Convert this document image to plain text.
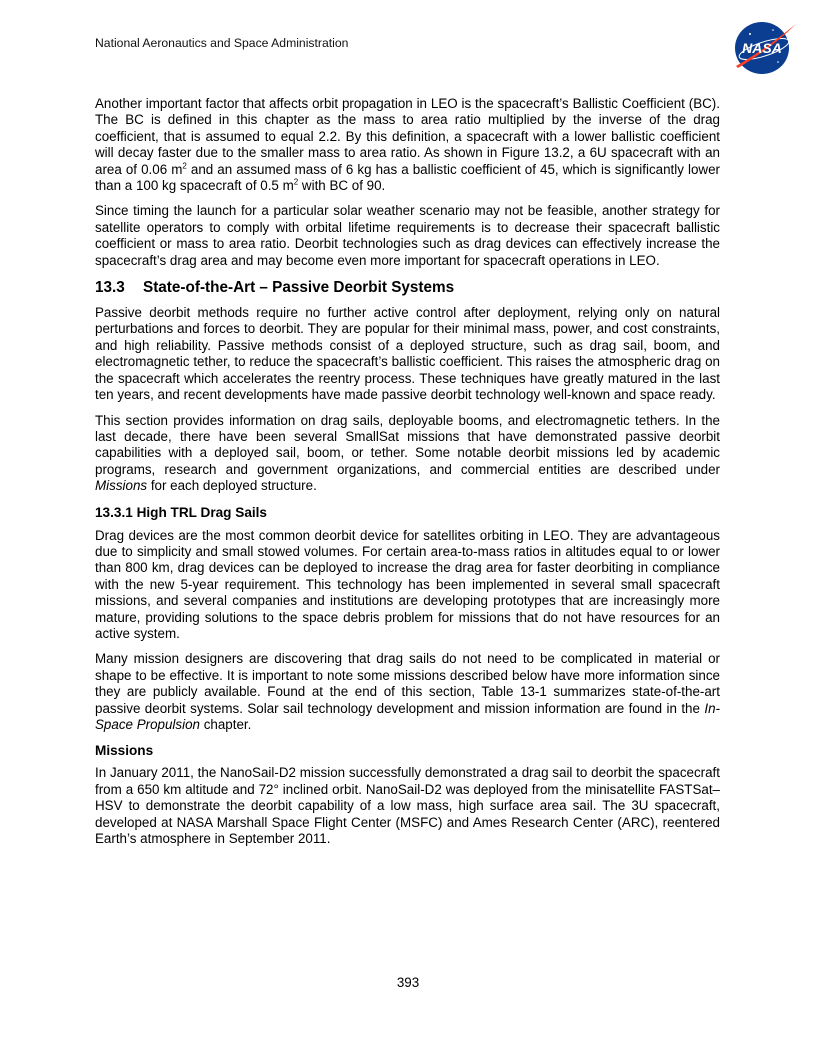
National Aeronautics and Space Administration	NASA

Another important factor that affects orbit propagation in LEO is the spacecraft’s Ballistic Coefficient (BC). The BC is defined in this chapter as the mass to area ratio multiplied by the inverse of the drag coefficient, that is assumed to equal 2.2. By this definition, a spacecraft with a lower ballistic coefficient will decay faster due to the smaller mass to area ratio. As shown in Figure 13.2, a 6U spacecraft with an area of 0.06 $m^2$ and an assumed mass of 6 kg has a ballistic coefficient of 45, which is significantly lower than a 100 kg spacecraft of 0.5 $m^2$ with BC of 90.

Since timing the launch for a particular solar weather scenario may not be feasible, another strategy for satellite operators to comply with orbital lifetime requirements is to decrease their spacecraft ballistic coefficient or mass to area ratio. Deorbit technologies such as drag devices can effectively increase the spacecraft’s drag area and may become even more important for spacecraft operations in LEO.

13.3 State-of-the-Art – Passive Deorbit Systems

Passive deorbit methods require no further active control after deployment, relying only on natural perturbations and forces to deorbit. They are popular for their minimal mass, power, and cost constraints, and high reliability. Passive methods consist of a deployed structure, such as drag sail, boom, and electromagnetic tether, to reduce the spacecraft’s ballistic coefficient. This raises the atmospheric drag on the spacecraft which accelerates the reentry process. These techniques have greatly matured in the last ten years, and recent developments have made passive deorbit technology well-known and space ready.

This section provides information on drag sails, deployable booms, and electromagnetic tethers. In the last decade, there have been several SmallSat missions that have demonstrated passive deorbit capabilities with a deployed sail, boom, or tether. Some notable deorbit missions led by academic programs, research and government organizations, and commercial entities are described under Missions for each deployed structure.

13.3.1 High TRL Drag Sails

Drag devices are the most common deorbit device for satellites orbiting in LEO. They are advantageous due to simplicity and small stowed volumes. For certain area-to-mass ratios in altitudes equal to or lower than 800 km, drag devices can be deployed to increase the drag area for faster deorbiting in compliance with the new 5-year requirement. This technology has been implemented in several small spacecraft missions, and several companies and institutions are developing prototypes that are increasingly more mature, providing solutions to the space debris problem for missions that do not have resources for an active system.

Many mission designers are discovering that drag sails do not need to be complicated in material or shape to be effective. It is important to note some missions described below have more information since they are publicly available. Found at the end of this section, Table 13-1 summarizes state-of-the-art passive deorbit systems. Solar sail technology development and mission information are found in the In-Space Propulsion chapter.

Missions

In January 2011, the NanoSail-D2 mission successfully demonstrated a drag sail to deorbit the spacecraft from a 650 km altitude and 72° inclined orbit. NanoSail-D2 was deployed from the minisatellite FASTSat–HSV to demonstrate the deorbit capability of a low mass, high surface area sail. The 3U spacecraft, developed at NASA Marshall Space Flight Center (MSFC) and Ames Research Center (ARC), reentered Earth’s atmosphere in September 2011.

393
